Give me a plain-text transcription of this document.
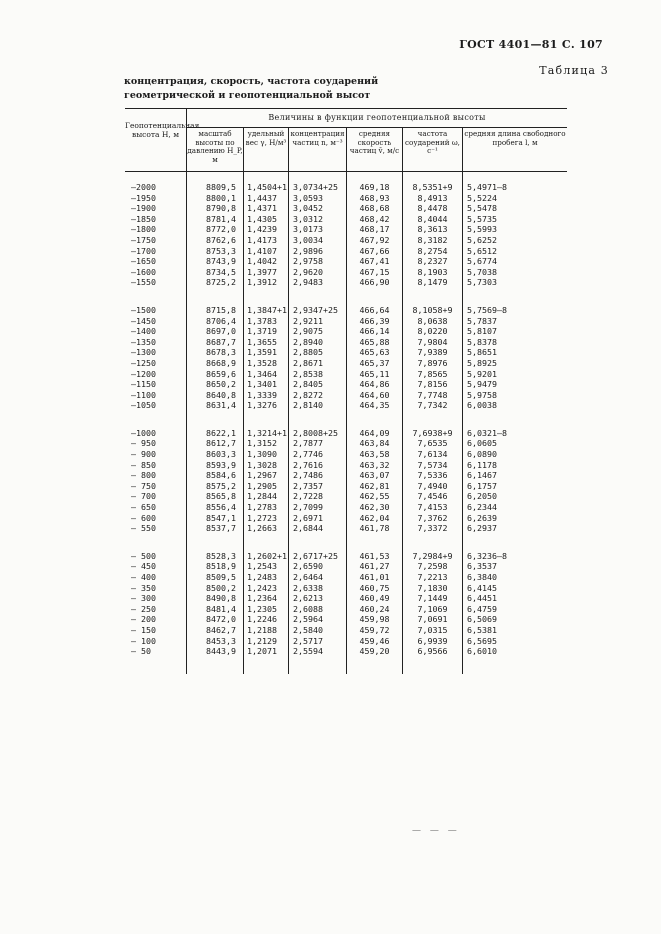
ГОСТ 4401—81 С. 107
Таблица 3
концентрация, скорость, частота соударений
геометрической и геопотенциальной высот
Геопотенциальная высота H, м
Величины в функции геопотенциальной высоты
масштаб высоты по давлению H_P, м
удельный вес γ, Н/м³
концентрация частиц n, м⁻³
средняя скорость частиц v̄, м/с
частота соударений ω, с⁻¹
средняя длина свободного пробега l, м
—2000
—1950
—1900
—1850
—1800
—1750
—1700
—1650
—1600
—1550
—1500
—1450
—1400
—1350
—1300
—1250
—1200
—1150
—1100
—1050
—1000
— 950
— 900
— 850
— 800
— 750
— 700
— 650
— 600
— 550
— 500
— 450
— 400
— 350
— 300
— 250
— 200
— 150
— 100
— 50
8809,5
8800,1
8790,8
8781,4
8772,0
8762,6
8753,3
8743,9
8734,5
8725,2
8715,8
8706,4
8697,0
8687,7
8678,3
8668,9
8659,6
8650,2
8640,8
8631,4
8622,1
8612,7
8603,3
8593,9
8584,6
8575,2
8565,8
8556,4
8547,1
8537,7
8528,3
8518,9
8509,5
8500,2
8490,8
8481,4
8472,0
8462,7
8453,3
8443,9
1,4504+1
1,4437
1,4371
1,4305
1,4239
1,4173
1,4107
1,4042
1,3977
1,3912
1,3847+1
1,3783
1,3719
1,3655
1,3591
1,3528
1,3464
1,3401
1,3339
1,3276
1,3214+1
1,3152
1,3090
1,3028
1,2967
1,2905
1,2844
1,2783
1,2723
1,2663
1,2602+1
1,2543
1,2483
1,2423
1,2364
1,2305
1,2246
1,2188
1,2129
1,2071
3,0734+25
3,0593
3,0452
3,0312
3,0173
3,0034
2,9896
2,9758
2,9620
2,9483
2,9347+25
2,9211
2,9075
2,8940
2,8805
2,8671
2,8538
2,8405
2,8272
2,8140
2,8008+25
2,7877
2,7746
2,7616
2,7486
2,7357
2,7228
2,7099
2,6971
2,6844
2,6717+25
2,6590
2,6464
2,6338
2,6213
2,6088
2,5964
2,5840
2,5717
2,5594
469,18
468,93
468,68
468,42
468,17
467,92
467,66
467,41
467,15
466,90
466,64
466,39
466,14
465,88
465,63
465,37
465,11
464,86
464,60
464,35
464,09
463,84
463,58
463,32
463,07
462,81
462,55
462,30
462,04
461,78
461,53
461,27
461,01
460,75
460,49
460,24
459,98
459,72
459,46
459,20
8,5351+9
8,4913
8,4478
8,4044
8,3613
8,3182
8,2754
8,2327
8,1903
8,1479
8,1058+9
8,0638
8,0220
7,9804
7,9389
7,8976
7,8565
7,8156
7,7748
7,7342
7,6938+9
7,6535
7,6134
7,5734
7,5336
7,4940
7,4546
7,4153
7,3762
7,3372
7,2984+9
7,2598
7,2213
7,1830
7,1449
7,1069
7,0691
7,0315
6,9939
6,9566
5,4971—8
5,5224
5,5478
5,5735
5,5993
5,6252
5,6512
5,6774
5,7038
5,7303
5,7569—8
5,7837
5,8107
5,8378
5,8651
5,8925
5,9201
5,9479
5,9758
6,0038
6,0321—8
6,0605
6,0890
6,1178
6,1467
6,1757
6,2050
6,2344
6,2639
6,2937
6,3236—8
6,3537
6,3840
6,4145
6,4451
6,4759
6,5069
6,5381
6,5695
6,6010
— — —
